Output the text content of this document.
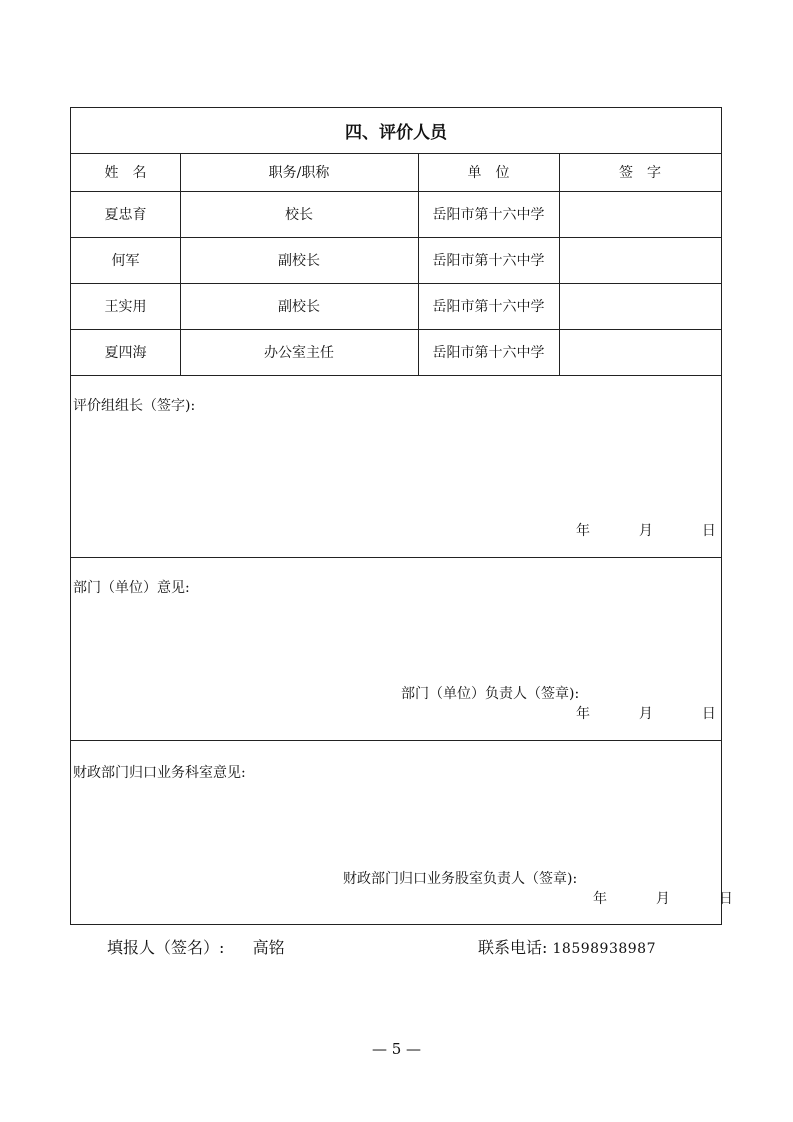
四、评价人员
姓　名	职务/职称	单　位	签　字
夏忠育	校长	岳阳市第十六中学
何军	副校长	岳阳市第十六中学
王实用	副校长	岳阳市第十六中学
夏四海	办公室主任	岳阳市第十六中学
评价组组长（签字):
年	月	日
部门（单位）意见:
部门（单位）负责人（签章):
年	月	日
财政部门归口业务科室意见:
财政部门归口业务股室负责人（签章):
年	月	日
填报人（签名）: 高铭	联系电话: 18598938987
— 5 —
